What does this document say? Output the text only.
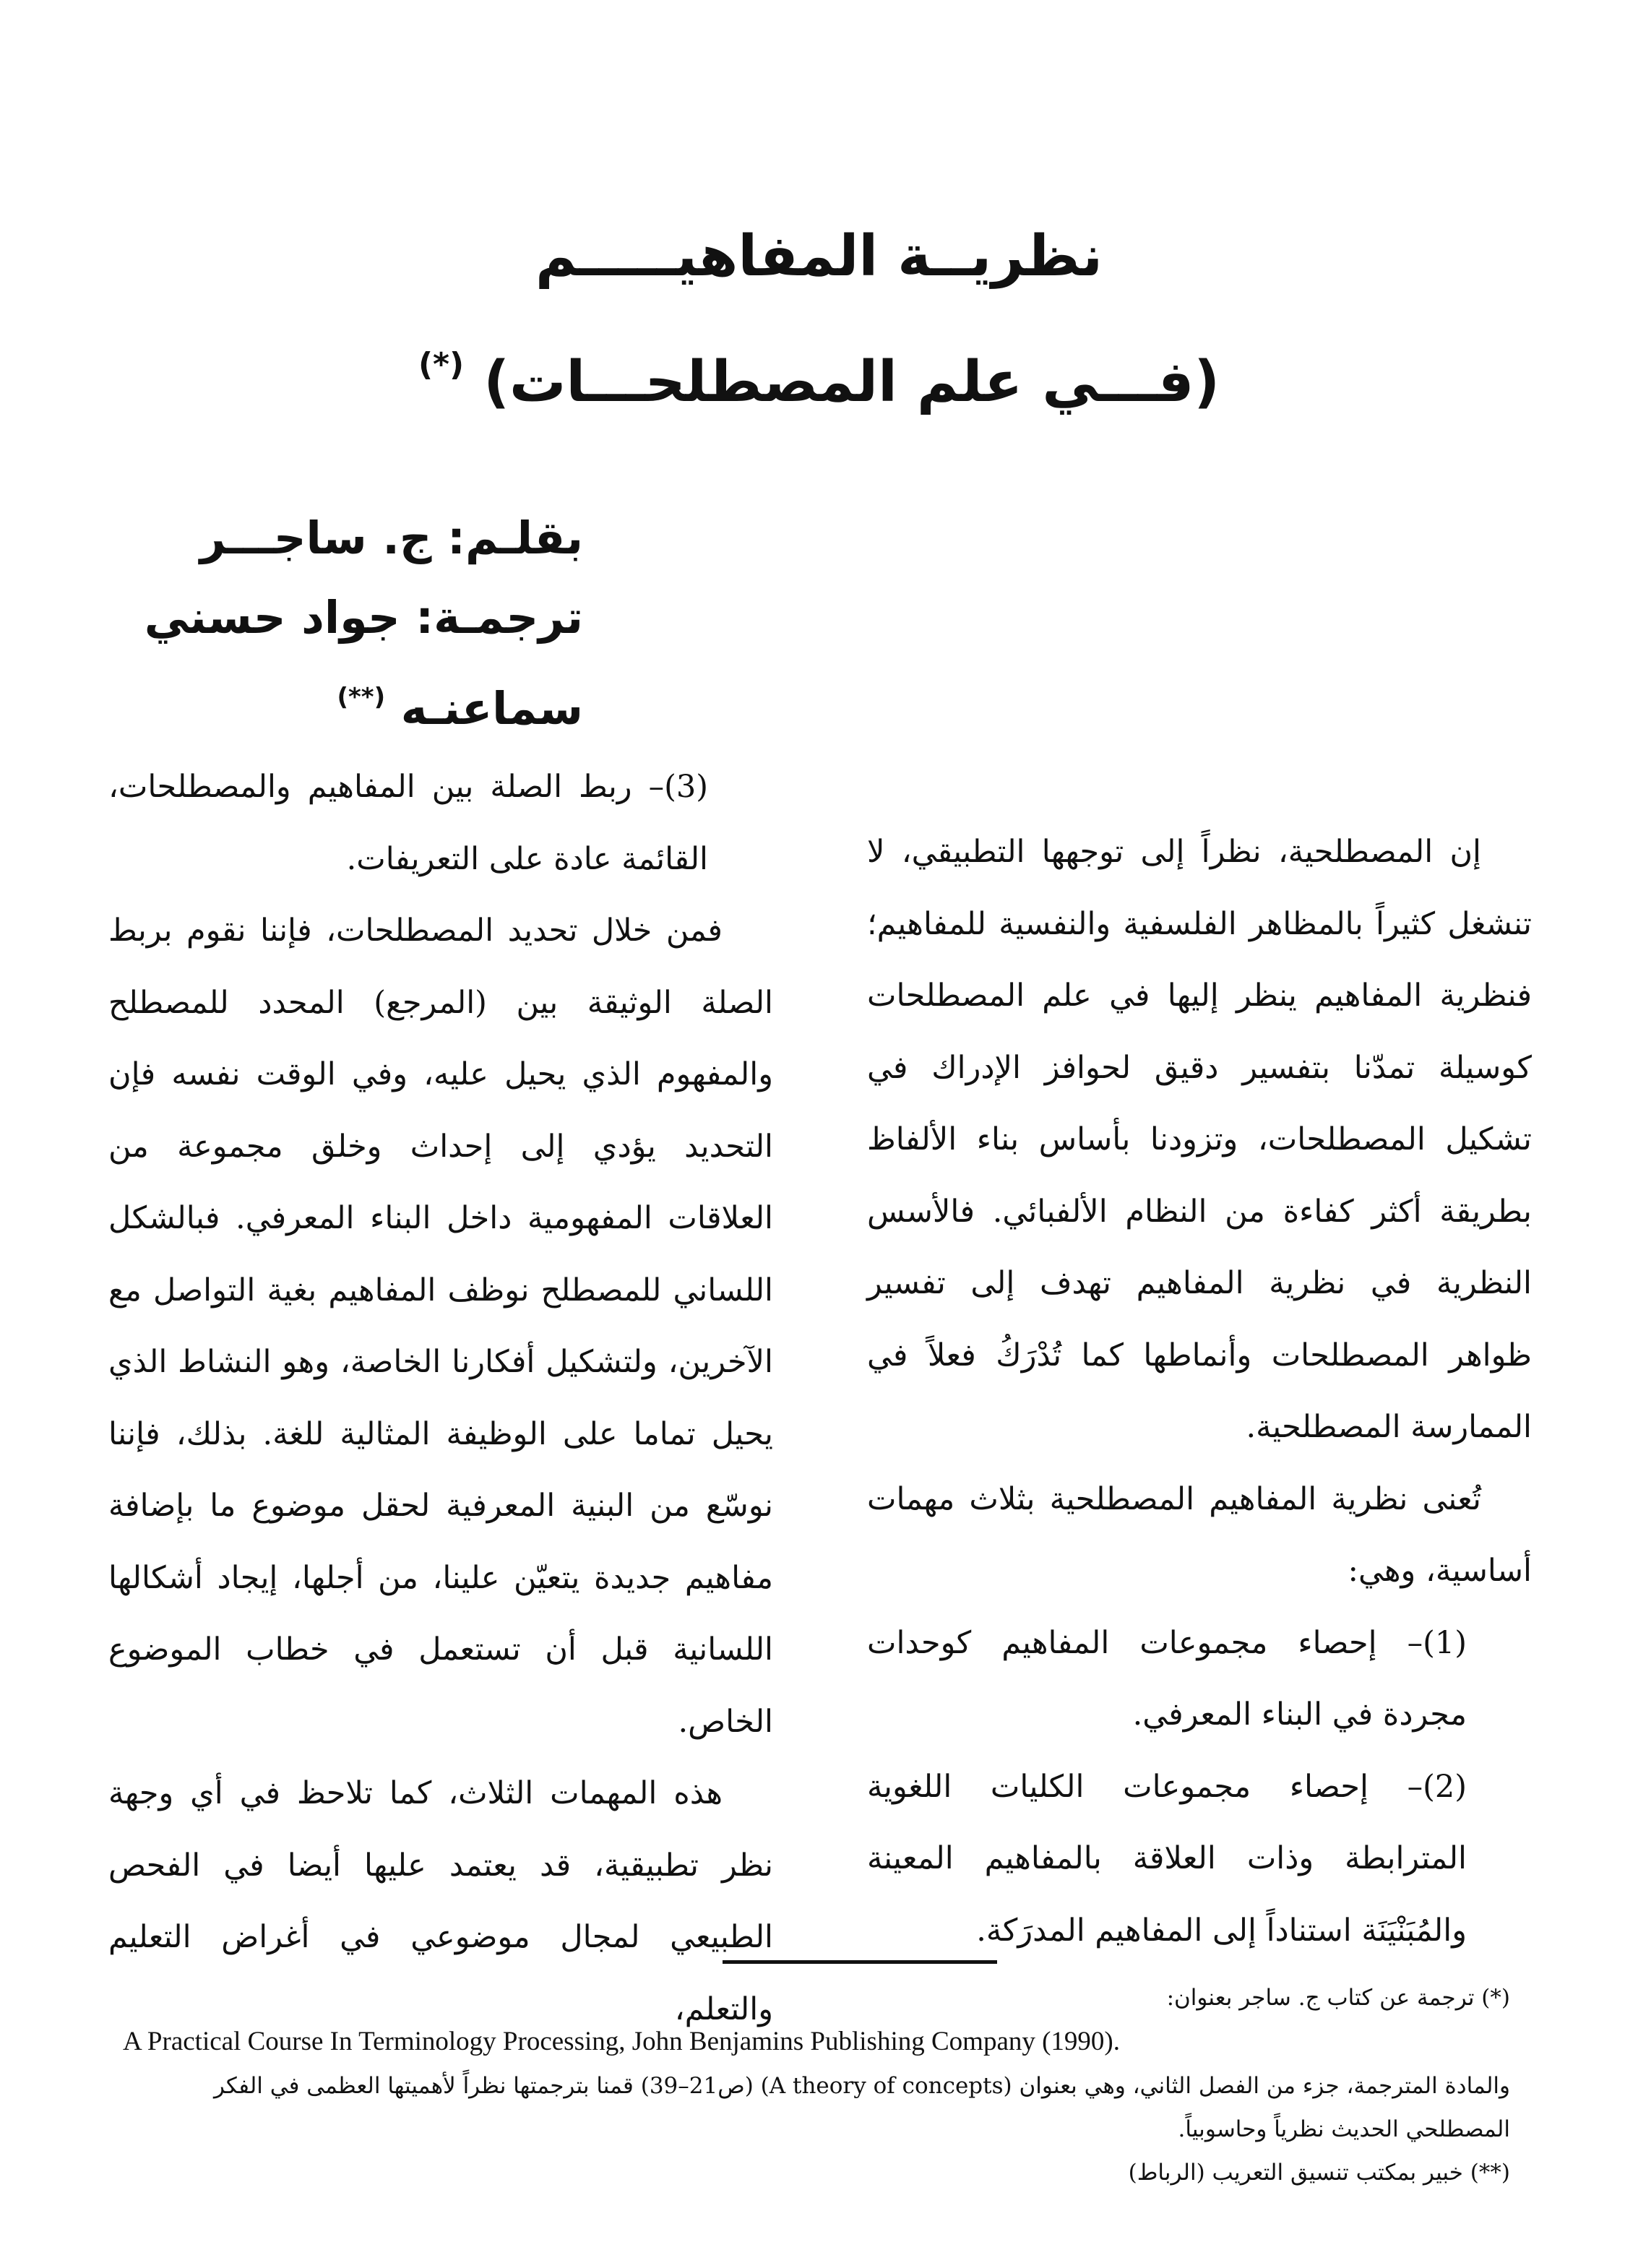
نظريــة المفاهيـــــم

(فـــي علم المصطلحـــات) (*)

بقلـم: ج. ساجـــر

ترجمـة: جواد حسني سماعنـه (**)

إن المصطلحية، نظراً إلى توجهها التطبيقي، لا تنشغل كثيراً بالمظاهر الفلسفية والنفسية للمفاهيم؛ فنظرية المفاهيم ينظر إليها في علم المصطلحات كوسيلة تمدّنا بتفسير دقيق لحوافز الإدراك في تشكيل المصطلحات، وتزودنا بأساس بناء الألفاظ بطريقة أكثر كفاءة من النظام الألفبائي. فالأسس النظرية في نظرية المفاهيم تهدف إلى تفسير ظواهر المصطلحات وأنماطها كما تُدْرَكُ فعلاً في الممارسة المصطلحية.

تُعنى نظرية المفاهيم المصطلحية بثلاث مهمات أساسية، وهي:

(1)– إحصاء مجموعات المفاهيم كوحدات مجردة في البناء المعرفي.

(2)– إحصاء مجموعات الكليات اللغوية المترابطة وذات العلاقة بالمفاهيم المعينة والمُبَنْيَنَة استناداً إلى المفاهيم المدرَكة.

(3)– ربط الصلة بين المفاهيم والمصطلحات، القائمة عادة على التعريفات.

فمن خلال تحديد المصطلحات، فإننا نقوم بربط الصلة الوثيقة بين (المرجع) المحدد للمصطلح والمفهوم الذي يحيل عليه، وفي الوقت نفسه فإن التحديد يؤدي إلى إحداث وخلق مجموعة من العلاقات المفهومية داخل البناء المعرفي. فبالشكل اللساني للمصطلح نوظف المفاهيم بغية التواصل مع الآخرين، ولتشكيل أفكارنا الخاصة، وهو النشاط الذي يحيل تماما على الوظيفة المثالية للغة. بذلك، فإننا نوسّع من البنية المعرفية لحقل موضوع ما بإضافة مفاهيم جديدة يتعيّن علينا، من أجلها، إيجاد أشكالها اللسانية قبل أن تستعمل في خطاب الموضوع الخاص.

هذه المهمات الثلاث، كما تلاحظ في أي وجهة نظر تطبيقية، قد يعتمد عليها أيضا في الفحص الطبيعي لمجال موضوعي في أغراض التعليم والتعلم،	(*) ترجمة عن كتاب ج. ساجر بعنوان:

A Practical Course In Terminology Processing, John Benjamins Publishing Company (1990).

والمادة المترجمة، جزء من الفصل الثاني، وهي بعنوان (A theory of concepts) (ص21–39) قمنا بترجمتها نظراً لأهميتها العظمى في الفكر المصطلحي الحديث نظرياً وحاسوبياً.

(**) خبير بمكتب تنسيق التعريب (الرباط)
